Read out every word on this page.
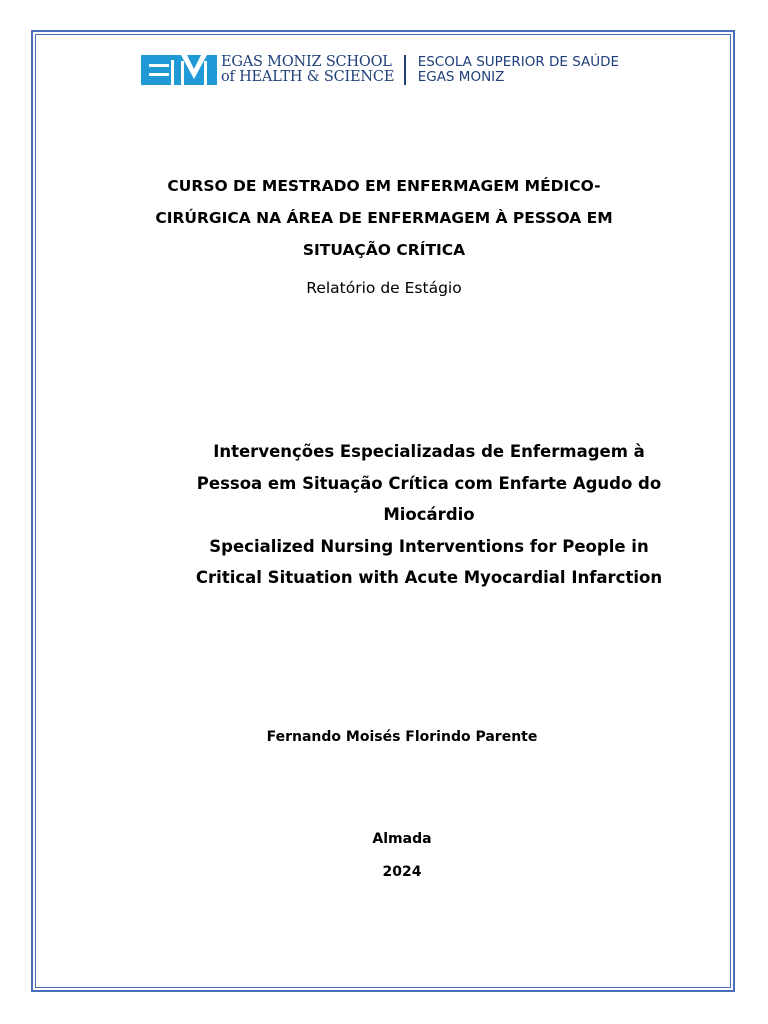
EGAS MONIZ SCHOOL
of HEALTH & SCIENCE
ESCOLA SUPERIOR DE SAÚDE
EGAS MONIZ
CURSO DE MESTRADO EM ENFERMAGEM MÉDICO-
CIRÚRGICA NA ÁREA DE ENFERMAGEM À PESSOA EM
SITUAÇÃO CRÍTICA
Relatório de Estágio
Intervenções Especializadas de Enfermagem à
Pessoa em Situação Crítica com Enfarte Agudo do
Miocárdio
Specialized Nursing Interventions for People in
Critical Situation with Acute Myocardial Infarction
Fernando Moisés Florindo Parente
Almada
2024
